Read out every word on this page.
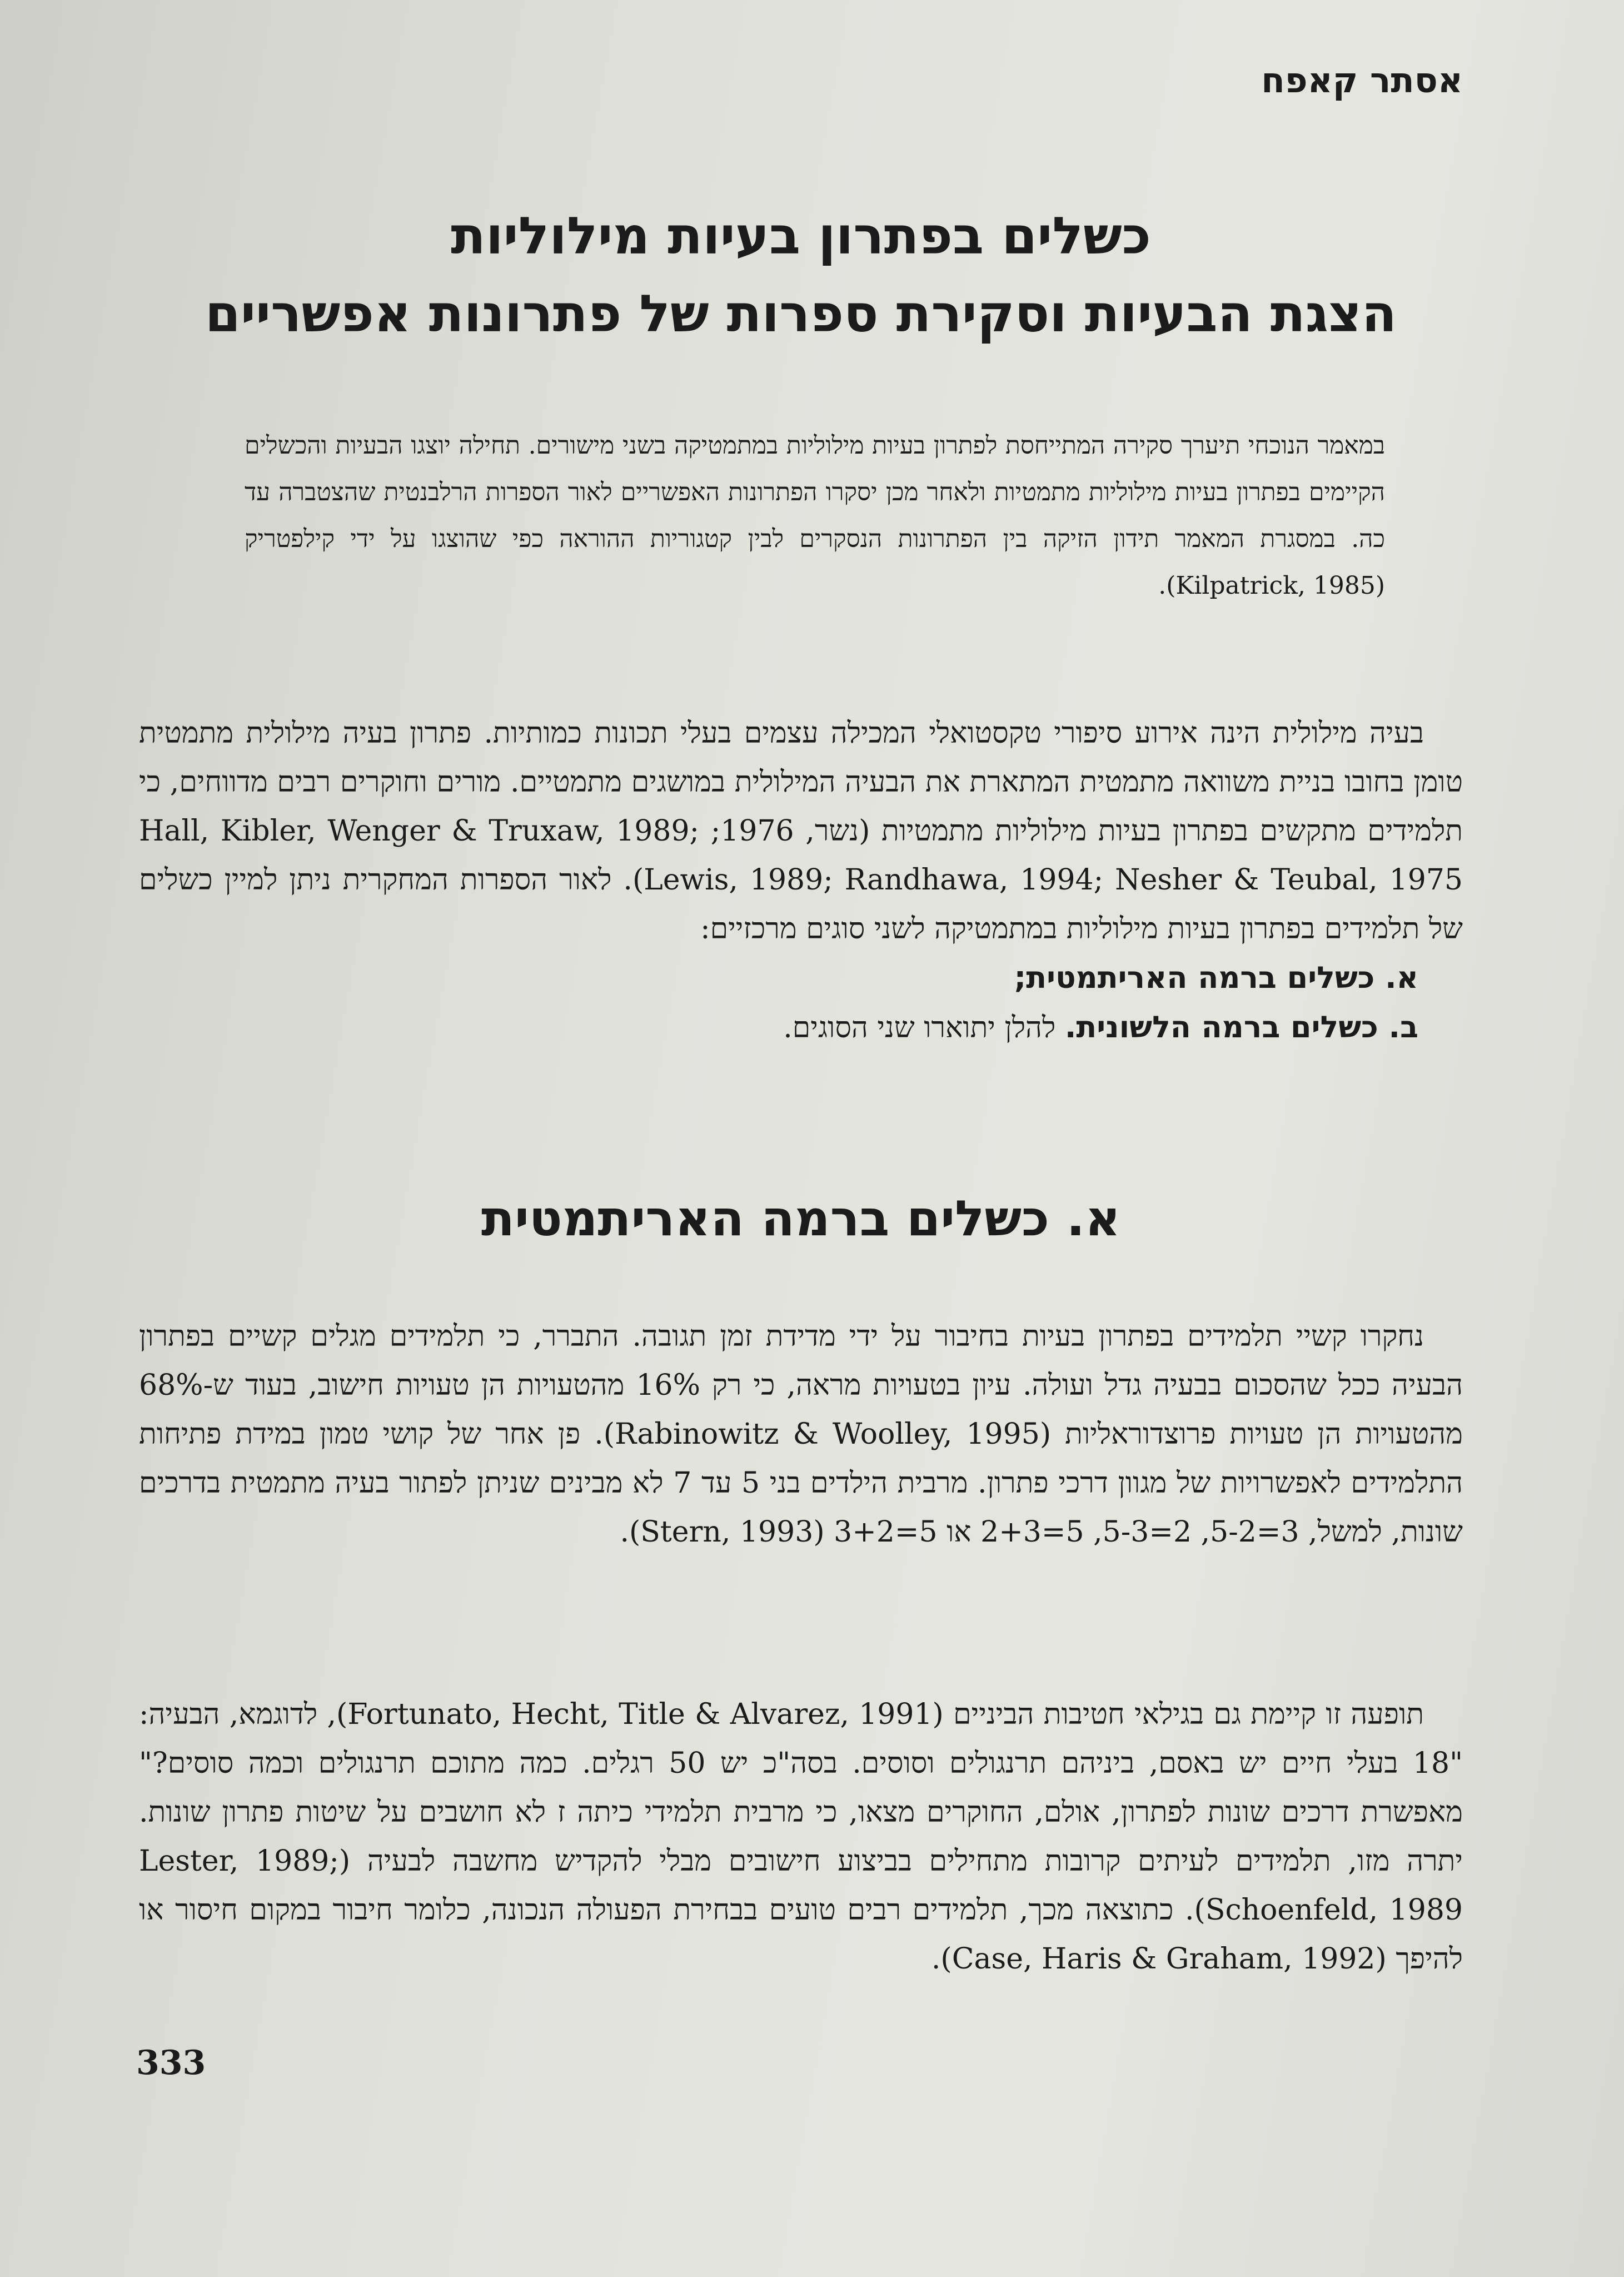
אסתר קאפח
כשלים בפתרון בעיות מילוליות
הצגת הבעיות וסקירת ספרות של פתרונות אפשריים

במאמר הנוכחי תיערך סקירה המתייחסת לפתרון בעיות מילוליות במתמטיקה בשני מישורים. תחילה יוצגו הבעיות והכשלים הקיימים בפתרון בעיות מילוליות מתמטיות ולאחר מכן יסקרו הפתרונות האפשריים לאור הספרות הרלבנטית שהצטברה עד כה. במסגרת המאמר תידון הזיקה בין הפתרונות הנסקרים לבין קטגוריות ההוראה כפי שהוצגו על ידי קילפטריק (Kilpatrick, 1985).

בעיה מילולית הינה אירוע סיפורי טקסטואלי המכילה עצמים בעלי תכונות כמותיות. פתרון בעיה מילולית מתמטית טומן בחובו בניית משוואה מתמטית המתארת את הבעיה המילולית במושגים מתמטיים. מורים וחוקרים רבים מדווחים, כי תלמידים מתקשים בפתרון בעיות מילוליות מתמטיות (נשר, 1976; Hall, Kibler, Wenger & Truxaw, 1989; Lewis, 1989; Randhawa, 1994; Nesher & Teubal, 1975). לאור הספרות המחקרית ניתן למיין כשלים של תלמידים בפתרון בעיות מילוליות במתמטיקה לשני סוגים מרכזיים:

א. כשלים ברמה האריתמטית;

ב. כשלים ברמה הלשונית. להלן יתוארו שני הסוגים.

א. כשלים ברמה האריתמטית

נחקרו קשיי תלמידים בפתרון בעיות בחיבור על ידי מדידת זמן תגובה. התברר, כי תלמידים מגלים קשיים בפתרון הבעיה ככל שהסכום בבעיה גדל ועולה. עיון בטעויות מראה, כי רק 16% מהטעויות הן טעויות חישוב, בעוד ש-68% מהטעויות הן טעויות פרוצדוראליות (Rabinowitz & Woolley, 1995). פן אחר של קושי טמון במידת פתיחות התלמידים לאפשרויות של מגוון דרכי פתרון. מרבית הילדים בני 5 עד 7 לא מבינים שניתן לפתור בעיה מתמטית בדרכים שונות, למשל, 3=5-2, 2=5-3, 5=2+3 או 5=3+2 (Stern, 1993).

תופעה זו קיימת גם בגילאי חטיבות הביניים (Fortunato, Hecht, Title & Alvarez, 1991), לדוגמא, הבעיה: "18 בעלי חיים יש באסם, ביניהם תרנגולים וסוסים. בסה"כ יש 50 רגלים. כמה מתוכם תרנגולים וכמה סוסים?" מאפשרת דרכים שונות לפתרון, אולם, החוקרים מצאו, כי מרבית תלמידי כיתה ז לא חושבים על שיטות פתרון שונות. יתרה מזו, תלמידים לעיתים קרובות מתחילים בביצוע חישובים מבלי להקדיש מחשבה לבעיה (Lester, 1989; Schoenfeld, 1989). כתוצאה מכך, תלמידים רבים טועים בבחירת הפעולה הנכונה, כלומר חיבור במקום חיסור או להיפך (Case, Haris & Graham, 1992).

333
